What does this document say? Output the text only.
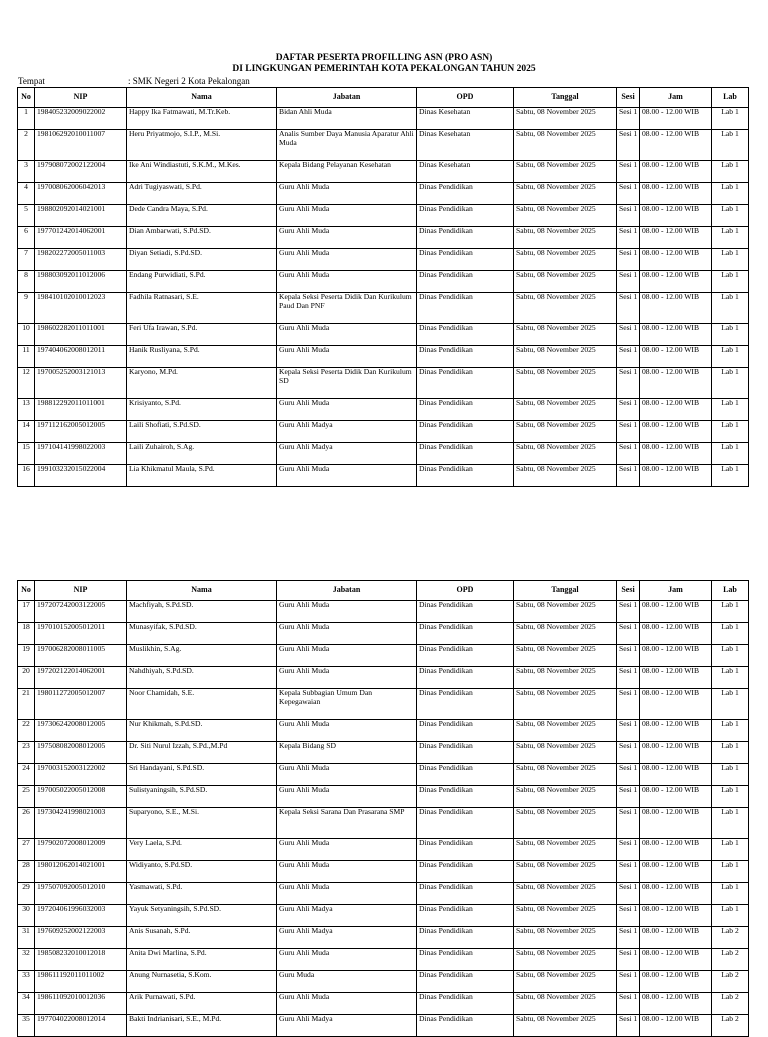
DAFTAR PESERTA PROFILLING ASN (PRO ASN)
DI LINGKUNGAN PEMERINTAH KOTA PEKALONGAN TAHUN 2025
Tempat	: SMK Negeri 2 Kota Pekalongan
No	NIP	Nama	Jabatan	OPD	Tanggal	Sesi	Jam	Lab
1	198405232009022002	Happy Ika Fatmawati, M.Tr.Keb.	Bidan Ahli Muda	Dinas Kesehatan	Sabtu, 08 November 2025	Sesi 1	08.00 - 12.00 WIB	Lab 1
2	198106292010011007	Heru Priyatmojo, S.I.P., M.Si.	Analis Sumber Daya Manusia Aparatur Ahli Muda	Dinas Kesehatan	Sabtu, 08 November 2025	Sesi 1	08.00 - 12.00 WIB	Lab 1
3	197908072002122004	Ike Ani Windiastuti, S.K.M., M.Kes.	Kepala Bidang Pelayanan Kesehatan	Dinas Kesehatan	Sabtu, 08 November 2025	Sesi 1	08.00 - 12.00 WIB	Lab 1
4	197008062006042013	Adri Tugiyaswati, S.Pd.	Guru Ahli Muda	Dinas Pendidikan	Sabtu, 08 November 2025	Sesi 1	08.00 - 12.00 WIB	Lab 1
5	198802092014021001	Dede Candra Maya, S.Pd.	Guru Ahli Muda	Dinas Pendidikan	Sabtu, 08 November 2025	Sesi 1	08.00 - 12.00 WIB	Lab 1
6	197701242014062001	Dian Ambarwati, S.Pd.SD.	Guru Ahli Muda	Dinas Pendidikan	Sabtu, 08 November 2025	Sesi 1	08.00 - 12.00 WIB	Lab 1
7	198202272005011003	Diyan Setiadi, S.Pd.SD.	Guru Ahli Muda	Dinas Pendidikan	Sabtu, 08 November 2025	Sesi 1	08.00 - 12.00 WIB	Lab 1
8	198803092011012006	Endang Purwidiati, S.Pd.	Guru Ahli Muda	Dinas Pendidikan	Sabtu, 08 November 2025	Sesi 1	08.00 - 12.00 WIB	Lab 1
9	198410102010012023	Fadhila Ratnasari, S.E.	Kepala Seksi Peserta Didik Dan Kurikulum Paud Dan PNF	Dinas Pendidikan	Sabtu, 08 November 2025	Sesi 1	08.00 - 12.00 WIB	Lab 1
10	198602282011011001	Feri Ufa Irawan, S.Pd.	Guru Ahli Muda	Dinas Pendidikan	Sabtu, 08 November 2025	Sesi 1	08.00 - 12.00 WIB	Lab 1
11	197404062008012011	Hanik Rusliyana, S.Pd.	Guru Ahli Muda	Dinas Pendidikan	Sabtu, 08 November 2025	Sesi 1	08.00 - 12.00 WIB	Lab 1
12	197005252003121013	Karyono, M.Pd.	Kepala Seksi Peserta Didik Dan Kurikulum SD	Dinas Pendidikan	Sabtu, 08 November 2025	Sesi 1	08.00 - 12.00 WIB	Lab 1
13	198812292011011001	Krisiyanto, S.Pd.	Guru Ahli Muda	Dinas Pendidikan	Sabtu, 08 November 2025	Sesi 1	08.00 - 12.00 WIB	Lab 1
14	197112162005012005	Laili Shofiati, S.Pd.SD.	Guru Ahli Madya	Dinas Pendidikan	Sabtu, 08 November 2025	Sesi 1	08.00 - 12.00 WIB	Lab 1
15	197104141998022003	Laili Zuhairoh, S.Ag.	Guru Ahli Madya	Dinas Pendidikan	Sabtu, 08 November 2025	Sesi 1	08.00 - 12.00 WIB	Lab 1
16	199103232015022004	Lia Khikmatul Maula, S.Pd.	Guru Ahli Muda	Dinas Pendidikan	Sabtu, 08 November 2025	Sesi 1	08.00 - 12.00 WIB	Lab 1
No	NIP	Nama	Jabatan	OPD	Tanggal	Sesi	Jam	Lab
17	197207242003122005	Machfiyah, S.Pd.SD.	Guru Ahli Muda	Dinas Pendidikan	Sabtu, 08 November 2025	Sesi 1	08.00 - 12.00 WIB	Lab 1
18	197010152005012011	Munasyifak, S.Pd.SD.	Guru Ahli Muda	Dinas Pendidikan	Sabtu, 08 November 2025	Sesi 1	08.00 - 12.00 WIB	Lab 1
19	197006282008011005	Muslikhin, S.Ag.	Guru Ahli Muda	Dinas Pendidikan	Sabtu, 08 November 2025	Sesi 1	08.00 - 12.00 WIB	Lab 1
20	197202122014062001	Nahdhiyah, S.Pd.SD.	Guru Ahli Muda	Dinas Pendidikan	Sabtu, 08 November 2025	Sesi 1	08.00 - 12.00 WIB	Lab 1
21	198011272005012007	Noor Chamidah, S.E.	Kepala Subbagian Umum Dan Kepegawaian	Dinas Pendidikan	Sabtu, 08 November 2025	Sesi 1	08.00 - 12.00 WIB	Lab 1
22	197306242008012005	Nur Khikmah, S.Pd.SD.	Guru Ahli Muda	Dinas Pendidikan	Sabtu, 08 November 2025	Sesi 1	08.00 - 12.00 WIB	Lab 1
23	197508082008012005	Dr. Siti Nurul Izzah, S.Pd.,M.Pd	Kepala Bidang SD	Dinas Pendidikan	Sabtu, 08 November 2025	Sesi 1	08.00 - 12.00 WIB	Lab 1
24	197003152003122002	Sri Handayani, S.Pd.SD.	Guru Ahli Muda	Dinas Pendidikan	Sabtu, 08 November 2025	Sesi 1	08.00 - 12.00 WIB	Lab 1
25	197005022005012008	Sulistyaningsih, S.Pd.SD.	Guru Ahli Muda	Dinas Pendidikan	Sabtu, 08 November 2025	Sesi 1	08.00 - 12.00 WIB	Lab 1
26	197304241998021003	Suparyono, S.E., M.Si.	Kepala Seksi Sarana Dan Prasarana SMP	Dinas Pendidikan	Sabtu, 08 November 2025	Sesi 1	08.00 - 12.00 WIB	Lab 1
27	197902072008012009	Very Laela, S.Pd.	Guru Ahli Muda	Dinas Pendidikan	Sabtu, 08 November 2025	Sesi 1	08.00 - 12.00 WIB	Lab 1
28	198012062014021001	Widiyanto, S.Pd.SD.	Guru Ahli Muda	Dinas Pendidikan	Sabtu, 08 November 2025	Sesi 1	08.00 - 12.00 WIB	Lab 1
29	197507092005012010	Yasmawati, S.Pd.	Guru Ahli Muda	Dinas Pendidikan	Sabtu, 08 November 2025	Sesi 1	08.00 - 12.00 WIB	Lab 1
30	197204061996032003	Yayuk Setyaningsih, S.Pd.SD.	Guru Ahli Madya	Dinas Pendidikan	Sabtu, 08 November 2025	Sesi 1	08.00 - 12.00 WIB	Lab 1
31	197609252002122003	Anis Susanah, S.Pd.	Guru Ahli Madya	Dinas Pendidikan	Sabtu, 08 November 2025	Sesi 1	08.00 - 12.00 WIB	Lab 2
32	198508232010012018	Anita Dwi Marlina, S.Pd.	Guru Ahli Muda	Dinas Pendidikan	Sabtu, 08 November 2025	Sesi 1	08.00 - 12.00 WIB	Lab 2
33	198611192011011002	Anung Nurnasetia, S.Kom.	Guru Muda	Dinas Pendidikan	Sabtu, 08 November 2025	Sesi 1	08.00 - 12.00 WIB	Lab 2
34	198611092010012036	Arik Purnawati, S.Pd.	Guru Ahli Muda	Dinas Pendidikan	Sabtu, 08 November 2025	Sesi 1	08.00 - 12.00 WIB	Lab 2
35	197704022008012014	Bakti Indrianisari, S.E., M.Pd.	Guru Ahli Madya	Dinas Pendidikan	Sabtu, 08 November 2025	Sesi 1	08.00 - 12.00 WIB	Lab 2
